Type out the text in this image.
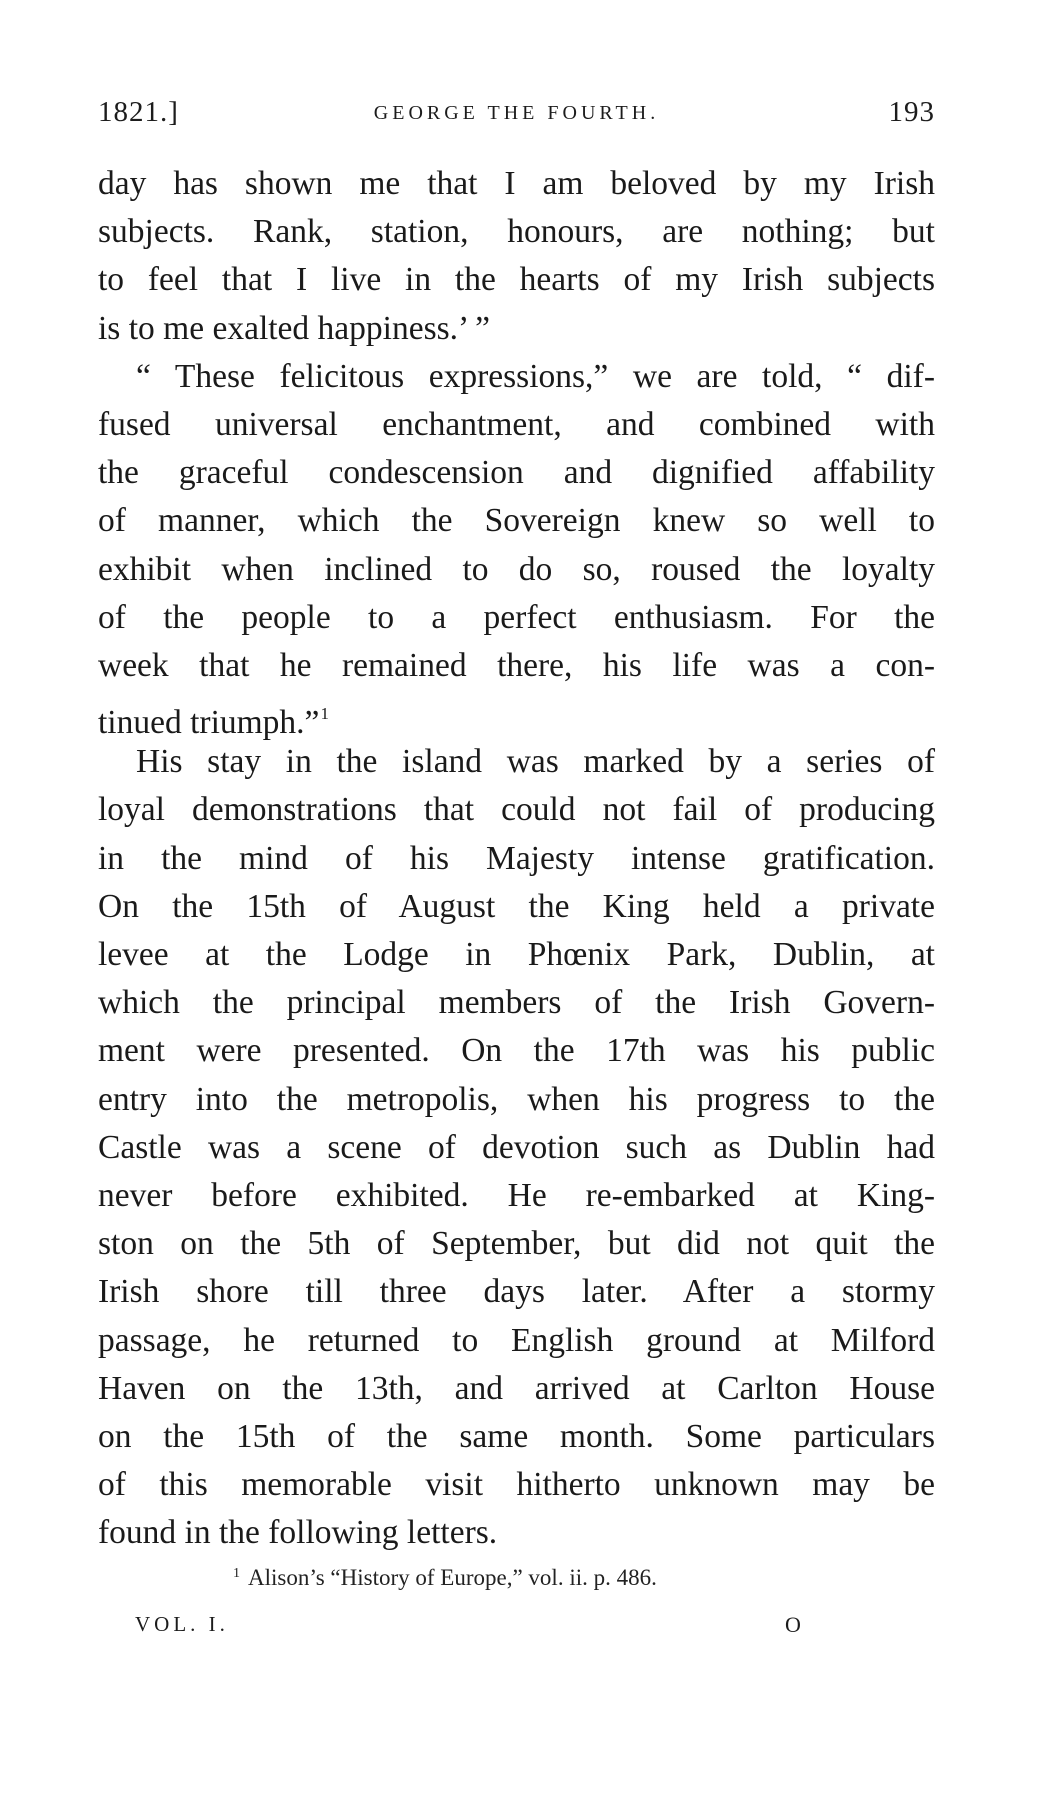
1821.]	GEORGE THE FOURTH.	193
day has shown me that I am beloved by my Irish
subjects. Rank, station, honours, are nothing; but
to feel that I live in the hearts of my Irish subjects
is to me exalted happiness.’ ”
“ These felicitous expressions,” we are told, “ dif-
fused universal enchantment, and combined with
the graceful condescension and dignified affability
of manner, which the Sovereign knew so well to
exhibit when inclined to do so, roused the loyalty
of the people to a perfect enthusiasm. For the
week that he remained there, his life was a con-
tinued triumph.”$^1$
His stay in the island was marked by a series of
loyal demonstrations that could not fail of producing
in the mind of his Majesty intense gratification.
On the 15th of August the King held a private
levee at the Lodge in Phœnix Park, Dublin, at
which the principal members of the Irish Govern-
ment were presented. On the 17th was his public
entry into the metropolis, when his progress to the
Castle was a scene of devotion such as Dublin had
never before exhibited. He re-embarked at King-
ston on the 5th of September, but did not quit the
Irish shore till three days later. After a stormy
passage, he returned to English ground at Milford
Haven on the 13th, and arrived at Carlton House
on the 15th of the same month. Some particulars
of this memorable visit hitherto unknown may be
found in the following letters.
$^1$ Alison’s “History of Europe,” vol. ii. p. 486.
VOL. I.	O
